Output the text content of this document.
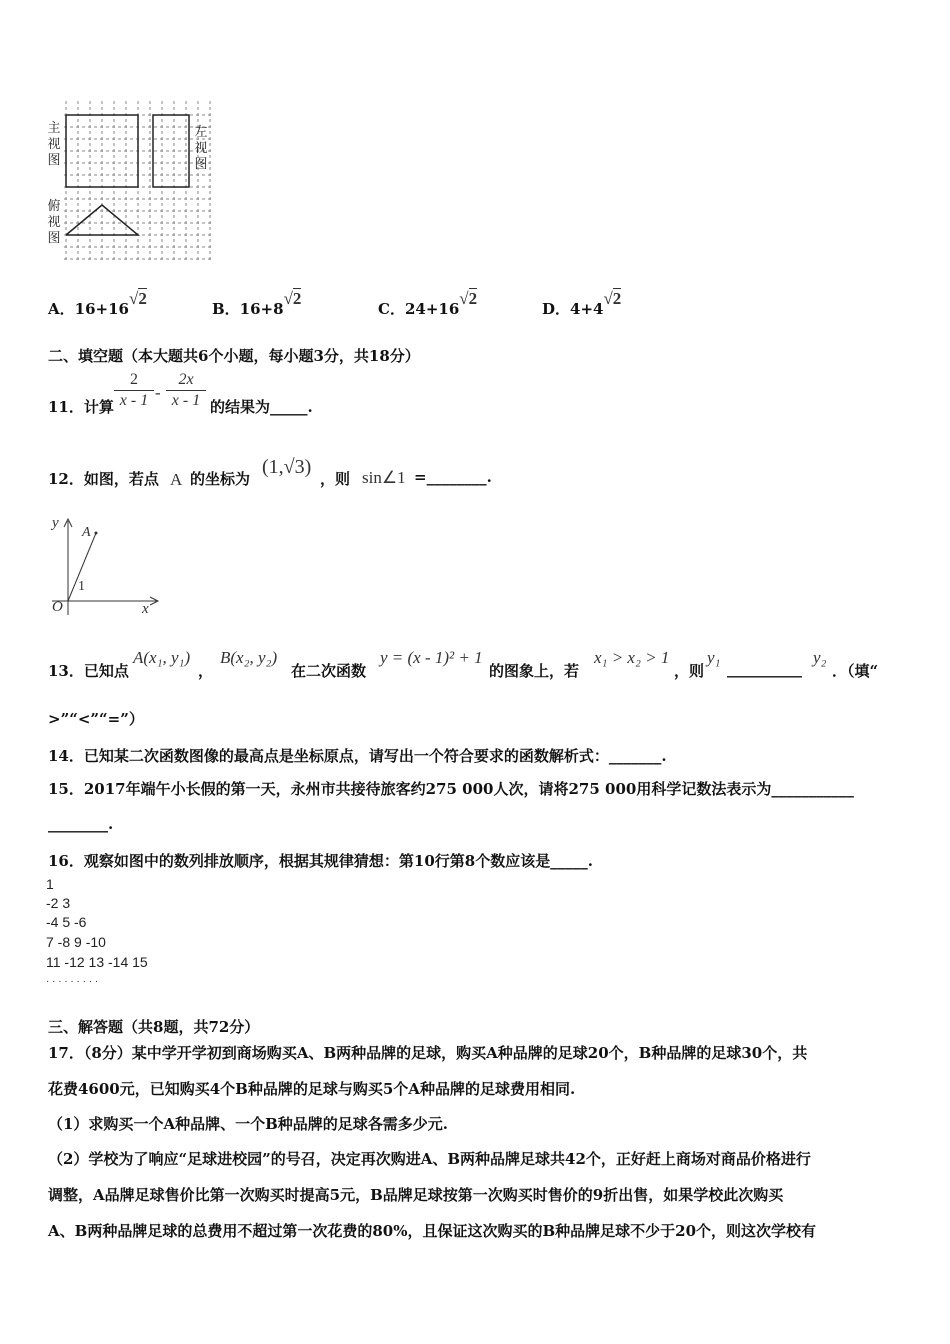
主视图
左视图
俯视图
A．16+16√2
B．16+8√2
C．24+16√2
D．4+4√2
二、填空题（本大题共6个小题，每小题3分，共18分）
11．计算
2
x - 1 -
2x
x - 1 的结果为_____.
12．如图，若点 A 的坐标为
(1,√3)
，则 sin∠1 =________.
y
A
1
O	x
13．已知点
A(x₁, y₁)
，
B(x₂, y₂)
在二次函数
y = (x - 1)² + 1
的图象上，若
x₁ > x₂ > 1
，则
y₁
__________
y₂
．（填“
>”“<”“=”）
14．已知某二次函数图像的最高点是坐标原点，请写出一个符合要求的函数解析式：_______.
15．2017年端午小长假的第一天，永州市共接待旅客约275 000人次，请将275 000用科学记数法表示为___________
________.
16．观察如图中的数列排放顺序，根据其规律猜想：第10行第8个数应该是_____.
1
-2 3
-4 5 -6
7 -8 9 -10
11 -12 13 -14 15
· · · · · · · · ·
三、解答题（共8题，共72分）
17．（8分）某中学开学初到商场购买A、B两种品牌的足球，购买A种品牌的足球20个，B种品牌的足球30个，共
花费4600元，已知购买4个B种品牌的足球与购买5个A种品牌的足球费用相同.
（1）求购买一个A种品牌、一个B种品牌的足球各需多少元.
（2）学校为了响应“足球进校园”的号召，决定再次购进A、B两种品牌足球共42个，正好赶上商场对商品价格进行
调整，A品牌足球售价比第一次购买时提高5元，B品牌足球按第一次购买时售价的9折出售，如果学校此次购买
A、B两种品牌足球的总费用不超过第一次花费的80%，且保证这次购买的B种品牌足球不少于20个，则这次学校有
